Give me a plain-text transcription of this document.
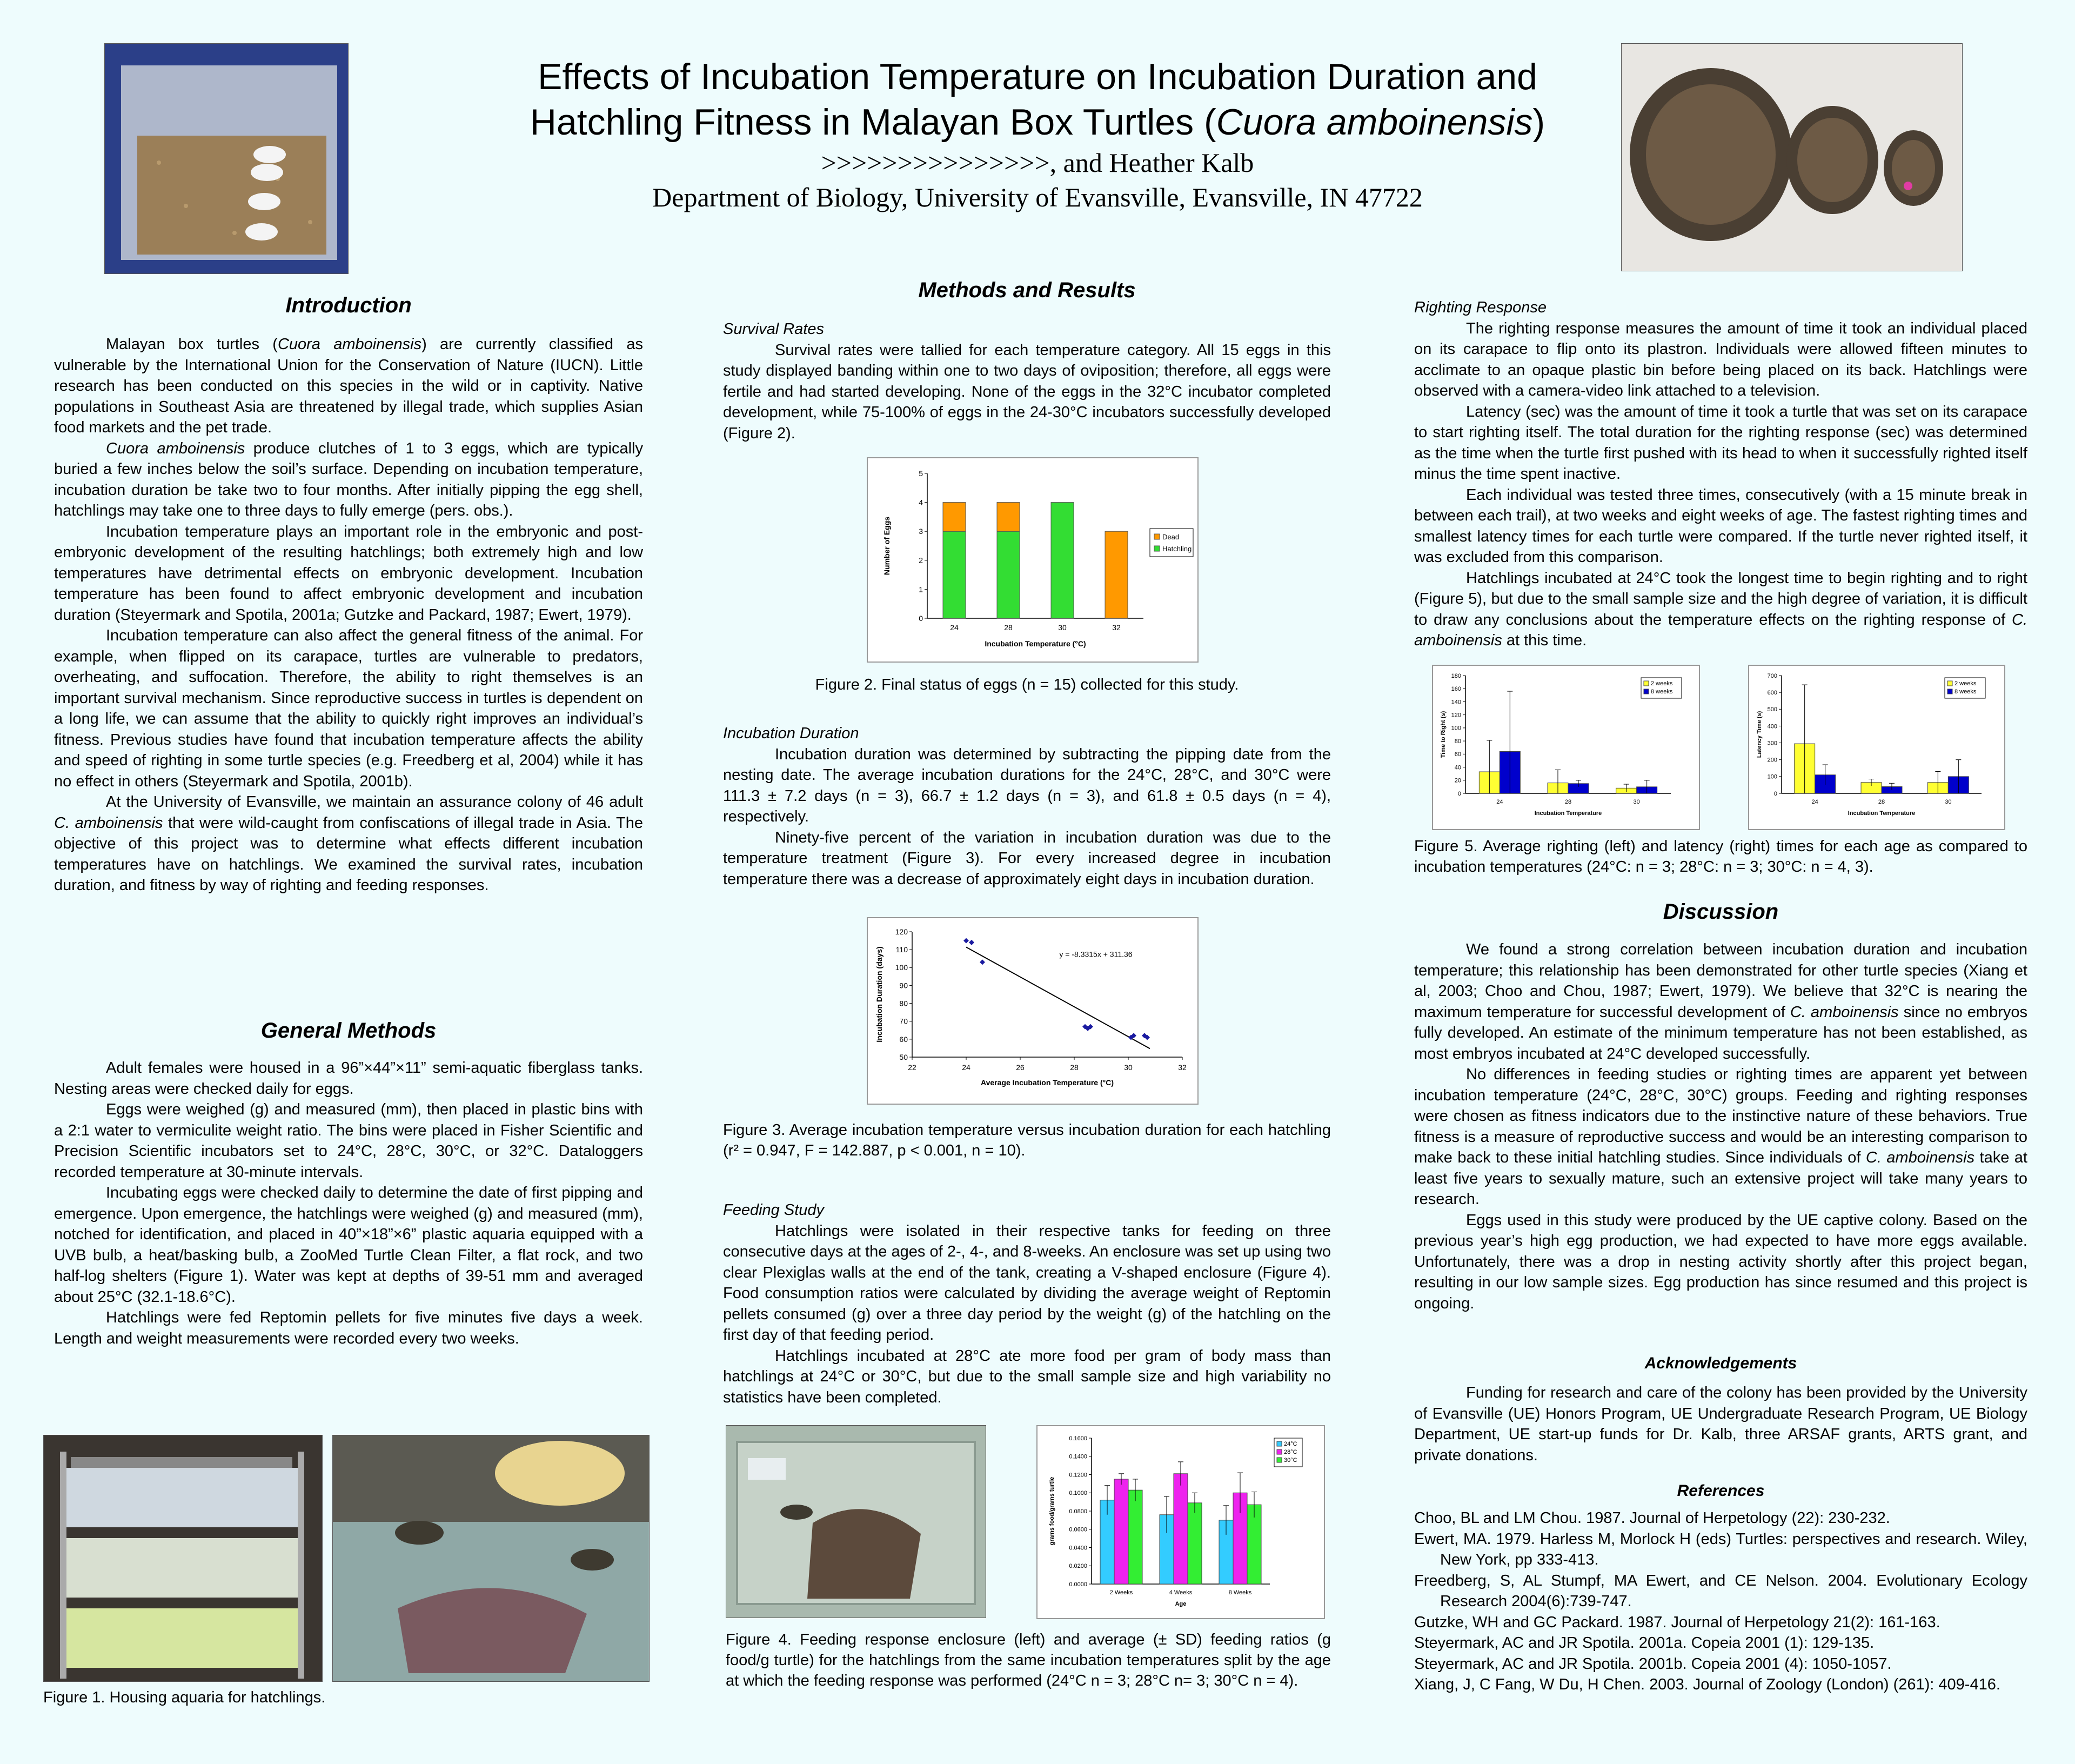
Effects of Incubation Temperature on Incubation Duration and
Hatchling Fitness in Malayan Box Turtles (Cuora amboinensis)
>>>>>>>>>>>>>>>, and Heather Kalb
Department of Biology, University of Evansville, Evansville, IN 47722
Introduction

Malayan box turtles (Cuora amboinensis) are currently classified as vulnerable by the International Union for the Conservation of Nature (IUCN). Little research has been conducted on this species in the wild or in captivity. Native populations in Southeast Asia are threatened by illegal trade, which supplies Asian food markets and the pet trade.

Cuora amboinensis produce clutches of 1 to 3 eggs, which are typically buried a few inches below the soil’s surface. Depending on incubation temperature, incubation duration be take two to four months. After initially pipping the egg shell, hatchlings may take one to three days to fully emerge (pers. obs.).

Incubation temperature plays an important role in the embryonic and post-embryonic development of the resulting hatchlings; both extremely high and low temperatures have detrimental effects on embryonic development. Incubation temperature has been found to affect embryonic development and incubation duration (Steyermark and Spotila, 2001a; Gutzke and Packard, 1987; Ewert, 1979).

Incubation temperature can also affect the general fitness of the animal. For example, when flipped on its carapace, turtles are vulnerable to predators, overheating, and suffocation. Therefore, the ability to right themselves is an important survival mechanism. Since reproductive success in turtles is dependent on a long life, we can assume that the ability to quickly right improves an individual’s fitness. Previous studies have found that incubation temperature affects the ability and speed of righting in some turtle species (e.g. Freedberg et al, 2004) while it has no effect in others (Steyermark and Spotila, 2001b).

At the University of Evansville, we maintain an assurance colony of 46 adult C. amboinensis that were wild-caught from confiscations of illegal trade in Asia. The objective of this project was to determine what effects different incubation temperatures have on hatchlings. We examined the survival rates, incubation duration, and fitness by way of righting and feeding responses.

General Methods

Adult females were housed in a 96”×44”×11” semi-aquatic fiberglass tanks. Nesting areas were checked daily for eggs.

Eggs were weighed (g) and measured (mm), then placed in plastic bins with a 2:1 water to vermiculite weight ratio. The bins were placed in Fisher Scientific and Precision Scientific incubators set to 24°C, 28°C, 30°C, or 32°C. Dataloggers recorded temperature at 30-minute intervals.

Incubating eggs were checked daily to determine the date of first pipping and emergence. Upon emergence, the hatchlings were weighed (g) and measured (mm), notched for identification, and placed in 40”×18”×6” plastic aquaria equipped with a UVB bulb, a heat/basking bulb, a ZooMed Turtle Clean Filter, a flat rock, and two half-log shelters (Figure 1). Water was kept at depths of 39-51 mm and averaged about 25°C (32.1-18.6°C).

Hatchlings were fed Reptomin pellets for five minutes five days a week. Length and weight measurements were recorded every two weeks.

Figure 1. Housing aquaria for hatchlings.
Methods and Results

Survival Rates

Survival rates were tallied for each temperature category. All 15 eggs in this study displayed banding within one to two days of oviposition; therefore, all eggs were fertile and had started developing. None of the eggs in the 32°C incubator completed development, while 75-100% of eggs in the 24-30°C incubators successfully developed (Figure 2).

0
1
2
3
4
5
24	28	30	32
Incubation Temperature (°C)
Number of Eggs	Dead
Hatchling
Figure 2. Final status of eggs (n = 15) collected for this study.

Incubation Duration

Incubation duration was determined by subtracting the pipping date from the nesting date. The average incubation durations for the 24°C, 28°C, and 30°C were 111.3 ± 7.2 days (n = 3), 66.7 ± 1.2 days (n = 3), and 61.8 ± 0.5 days (n = 4), respectively.

Ninety-five percent of the variation in incubation duration was due to the temperature treatment (Figure 3). For every increased degree in incubation temperature there was a decrease of approximately eight days in incubation duration.

50
60
70
80
90
100
110
120
22	24	26	28	30	32
y = -8.3315x + 311.36
Average Incubation Temperature (°C)
Incubation Duration (days)
Figure 3. Average incubation temperature versus incubation duration for each hatchling (r² = 0.947, F = 142.887, p < 0.001, n = 10).

Feeding Study

Hatchlings were isolated in their respective tanks for feeding on three consecutive days at the ages of 2-, 4-, and 8-weeks. An enclosure was set up using two clear Plexiglas walls at the end of the tank, creating a V-shaped enclosure (Figure 4). Food consumption ratios were calculated by dividing the average weight of Reptomin pellets consumed (g) over a three day period by the weight (g) of the hatchling on the first day of that feeding period.

Hatchlings incubated at 28°C ate more food per gram of body mass than hatchlings at 24°C or 30°C, but due to the small sample size and high variability no statistics have been completed.

0.0000
0.0200
0.0400
0.0600
0.0800
0.1000
0.1200
0.1400
0.1600
2 Weeks	4 Weeks	8 Weeks
Age
grams food/grams turtle
24°C
28°C
30°C
Figure 4. Feeding response enclosure (left) and average (± SD) feeding ratios (g food/g turtle) for the hatchlings from the same incubation temperatures split by the age at which the feeding response was performed (24°C n = 3; 28°C n= 3; 30°C n = 4).

Righting Response

The righting response measures the amount of time it took an individual placed on its carapace to flip onto its plastron. Individuals were allowed fifteen minutes to acclimate to an opaque plastic bin before being placed on its back. Hatchlings were observed with a camera-video link attached to a television.

Latency (sec) was the amount of time it took a turtle that was set on its carapace to start righting itself. The total duration for the righting response (sec) was determined as the time when the turtle first pushed with its head to when it successfully righted itself minus the time spent inactive.

Each individual was tested three times, consecutively (with a 15 minute break in between each trail), at two weeks and eight weeks of age. The fastest righting times and smallest latency times for each turtle were compared. If the turtle never righted itself, it was excluded from this comparison.

Hatchlings incubated at 24°C took the longest time to begin righting and to right (Figure 5), but due to the small sample size and the high degree of variation, it is difficult to draw any conclusions about the temperature effects on the righting response of C. amboinensis at this time.

0
20
40
60
80
100
120
140
160
180
24	28	30
Incubation Temperature
Time to Right (s)
2 weeks
8 weeks
0
100
200
300
400
500
600
700
24	28	30
Incubation Temperature
Latency Time (s)
2 weeks
8 weeks
Figure 5. Average righting (left) and latency (right) times for each age as compared to incubation temperatures (24°C: n = 3; 28°C: n = 3; 30°C: n = 4, 3).
Discussion

We found a strong correlation between incubation duration and incubation temperature; this relationship has been demonstrated for other turtle species (Xiang et al, 2003; Choo and Chou, 1987; Ewert, 1979). We believe that 32°C is nearing the maximum temperature for successful development of C. amboinensis since no embryos fully developed. An estimate of the minimum temperature has not been established, as most embryos incubated at 24°C developed successfully.

No differences in feeding studies or righting times are apparent yet between incubation temperature (24°C, 28°C, 30°C) groups. Feeding and righting responses were chosen as fitness indicators due to the instinctive nature of these behaviors. True fitness is a measure of reproductive success and would be an interesting comparison to make back to these initial hatchling studies. Since individuals of C. amboinensis take at least five years to sexually mature, such an extensive project will take many years to research.

Eggs used in this study were produced by the UE captive colony. Based on the previous year’s high egg production, we had expected to have more eggs available. Unfortunately, there was a drop in nesting activity shortly after this project began, resulting in our low sample sizes. Egg production has since resumed and this project is ongoing.

Acknowledgements

Funding for research and care of the colony has been provided by the University of Evansville (UE) Honors Program, UE Undergraduate Research Program, UE Biology Department, UE start-up funds for Dr. Kalb, three ARSAF grants, ARTS grant, and private donations.

References

Choo, BL and LM Chou. 1987. Journal of Herpetology (22): 230-232.

Ewert, MA. 1979. Harless M, Morlock H (eds) Turtles: perspectives and research. Wiley, New York, pp 333-413.

Freedberg, S, AL Stumpf, MA Ewert, and CE Nelson. 2004. Evolutionary Ecology Research 2004(6):739-747.

Gutzke, WH and GC Packard. 1987. Journal of Herpetology 21(2): 161-163.

Steyermark, AC and JR Spotila. 2001a. Copeia 2001 (1): 129-135.

Steyermark, AC and JR Spotila. 2001b. Copeia 2001 (4): 1050-1057.

Xiang, J, C Fang, W Du, H Chen. 2003. Journal of Zoology (London) (261): 409-416.
